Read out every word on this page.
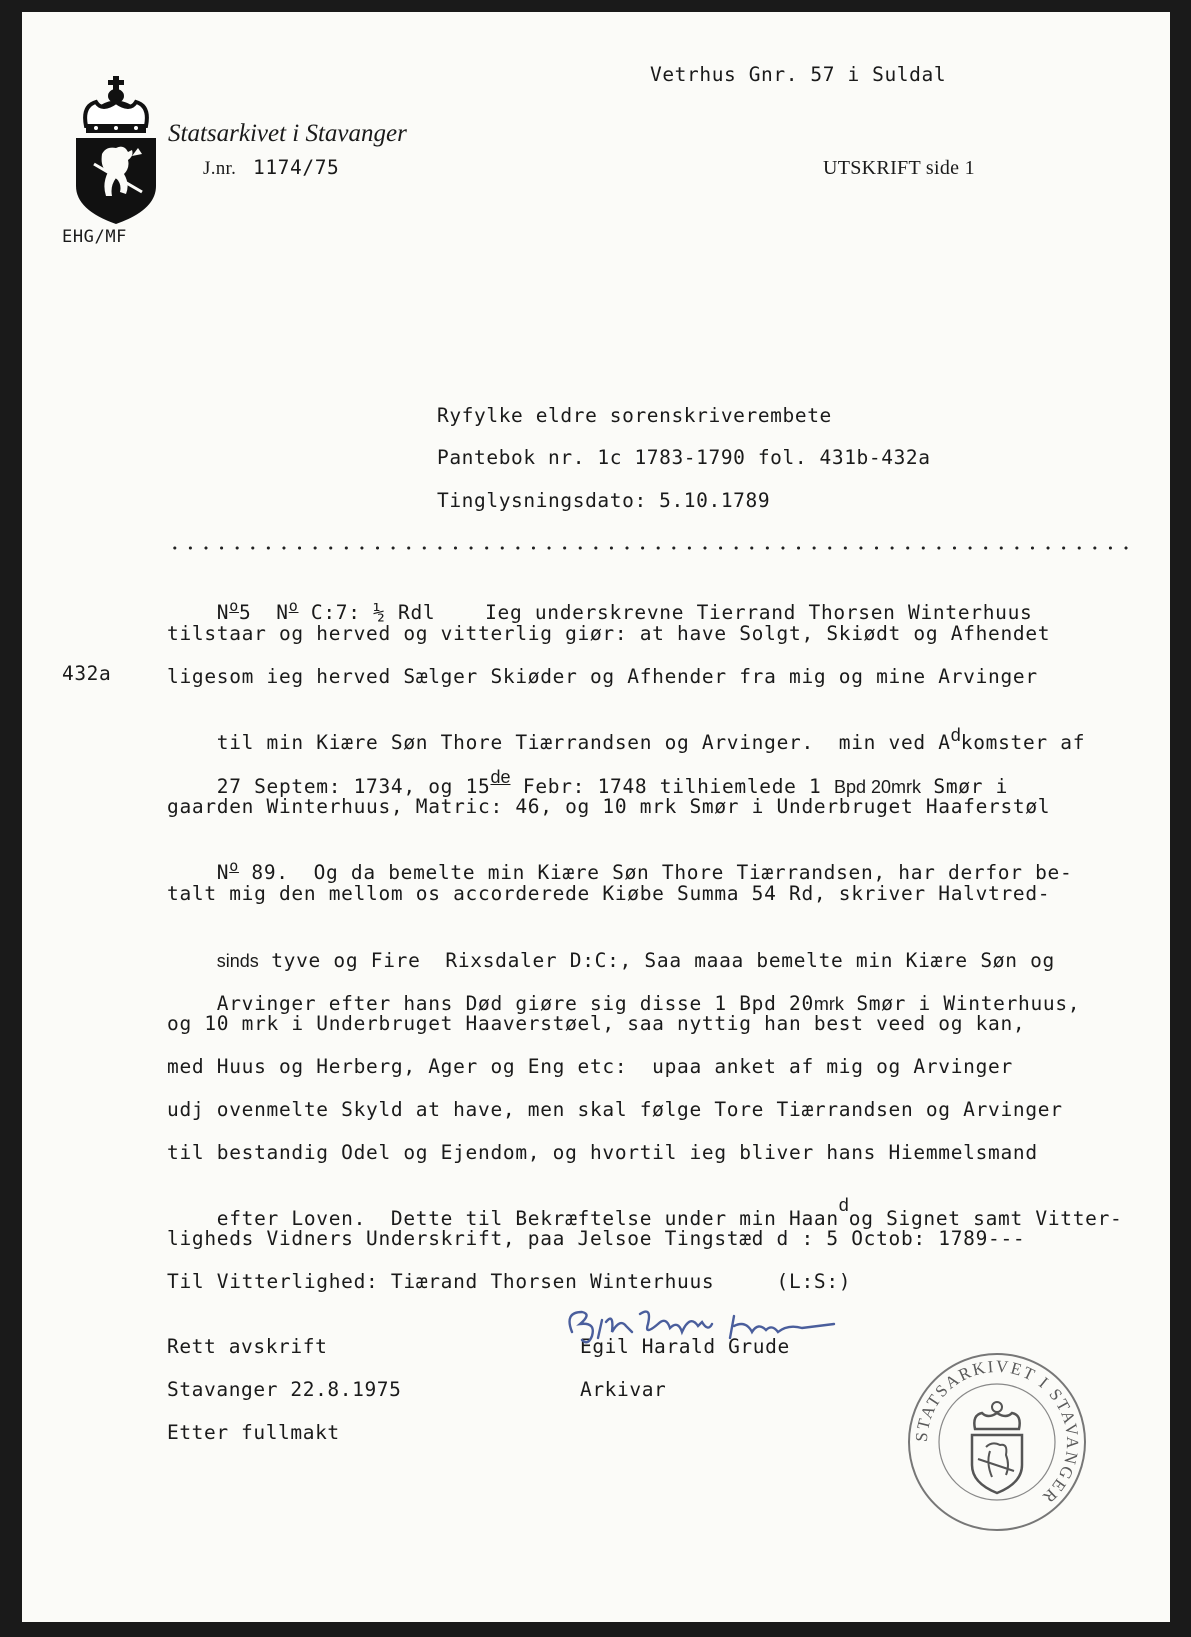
Statsarkivet i Stavanger
J.nr. 1174/75
Vetrhus Gnr. 57 i Suldal
UTSKRIFT side 1
EHG/MF
Ryfylke eldre sorenskriverembete
Pantebok nr. 1c 1783-1790 fol. 431b-432a
Tinglysningsdato: 5.10.1789
432a

$N^o5$ $N^o$ C:7: ½ Rdl	Ieg underskrevne Tierrand Thorsen Winterhuus

tilstaar og herved og vitterlig giør: at have Solgt, Skiødt og Afhendet
ligesom ieg herved Sælger Skiøder og Afhender fra mig og mine Arvinger

til min Kiære Søn Thore Tiærrandsen og Arvinger.  min ved Adkomster af

27 Septem: 1734, og 15de Febr: 1748 tilhiemlede 1 Bpd 20mrk Smør i

gaarden Winterhuus, Matric: 46, og 10 mrk Smør i Underbruget Haaferstøl

$N^o$ 89.  Og da bemelte min Kiære Søn Thore Tiærrandsen, har derfor be-

talt mig den mellom os accorderede Kiøbe Summa 54 Rd, skriver Halvtred-

sinds tyve og Fire  Rixsdaler D:C:, Saa maaa bemelte min Kiære Søn og

Arvinger efter hans Død giøre sig disse 1 Bpd 20mrk Smør i Winterhuus,

og 10 mrk i Underbruget Haaverstøel, saa nyttig han best veed og kan,
med Huus og Herberg, Ager og Eng etc:  upaa anket af mig og Arvinger
udj ovenmelte Skyld at have, men skal følge Tore Tiærrandsen og Arvinger
til bestandig Odel og Ejendom, og hvortil ieg bliver hans Hiemmelsmand

efter Loven.  Dette til Bekræftelse under min Haandog Signet samt Vitter-

ligheds Vidners Underskrift, paa Jelsoe Tingstæd d : 5 Octob: 1789---
Til Vitterlighed: Tiærand Thorsen Winterhuus     (L:S:)
Rett avskrift
Stavanger 22.8.1975
Etter fullmakt
Egil Harald Grude
Arkivar
STATSARKIVET I STAVANGER
